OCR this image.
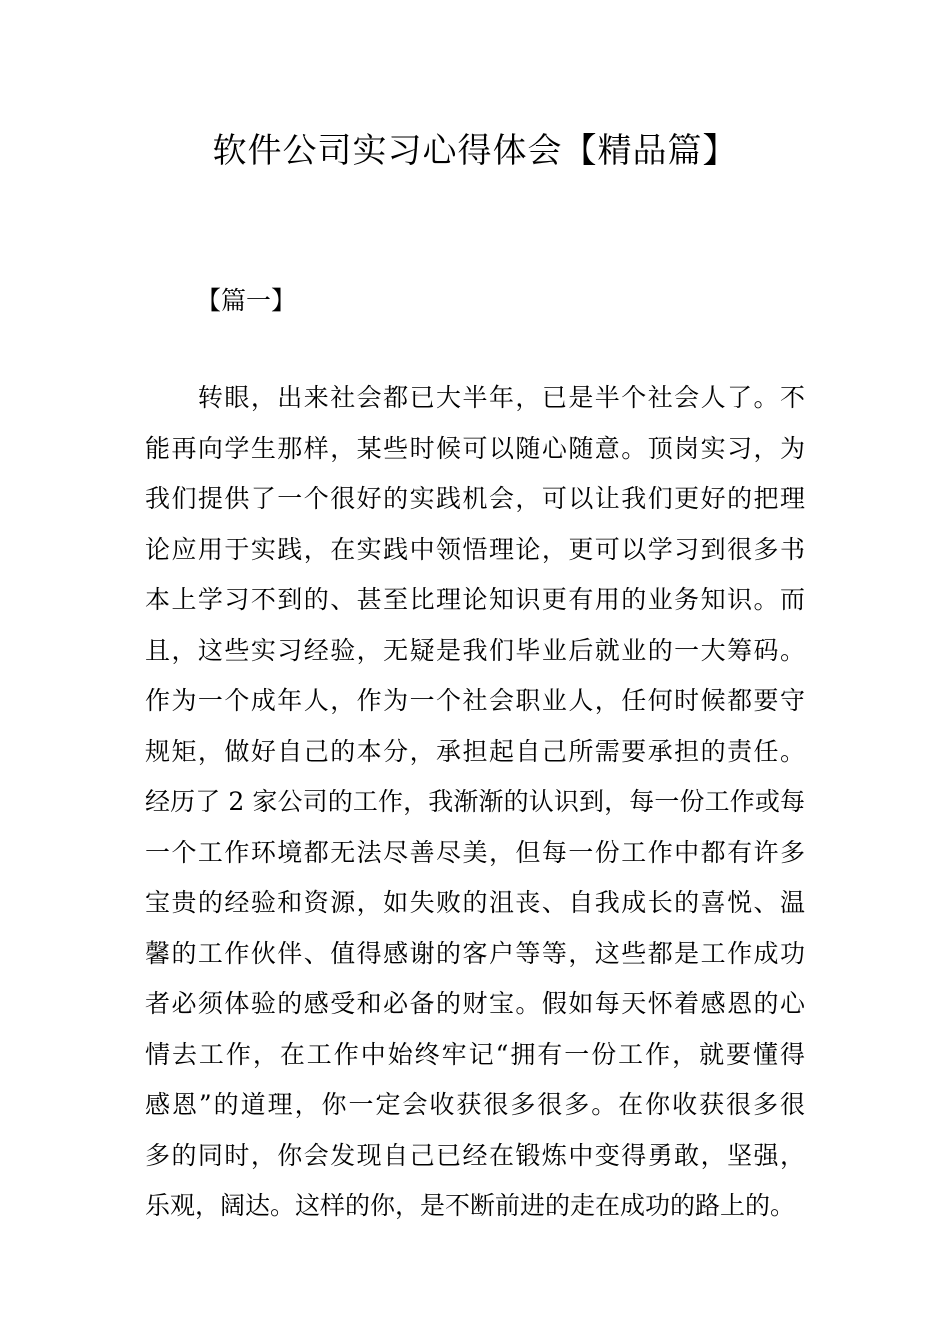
软件公司实习心得体会【精品篇】
【篇一】
　　转眼，出来社会都已大半年，已是半个社会人了。不
能再向学生那样，某些时候可以随心随意。顶岗实习，为
我们提供了一个很好的实践机会，可以让我们更好的把理
论应用于实践，在实践中领悟理论，更可以学习到很多书
本上学习不到的、甚至比理论知识更有用的业务知识。而
且，这些实习经验，无疑是我们毕业后就业的一大筹码。
作为一个成年人，作为一个社会职业人，任何时候都要守
规矩，做好自己的本分，承担起自己所需要承担的责任。
经历了 2 家公司的工作，我渐渐的认识到，每一份工作或每
一个工作环境都无法尽善尽美，但每一份工作中都有许多
宝贵的经验和资源，如失败的沮丧、自我成长的喜悦、温
馨的工作伙伴、值得感谢的客户等等，这些都是工作成功
者必须体验的感受和必备的财宝。假如每天怀着感恩的心
情去工作，在工作中始终牢记“拥有一份工作，就要懂得
感恩”的道理，你一定会收获很多很多。在你收获很多很
多的同时，你会发现自己已经在锻炼中变得勇敢，坚强，
乐观，阔达。这样的你，是不断前进的走在成功的路上的。
